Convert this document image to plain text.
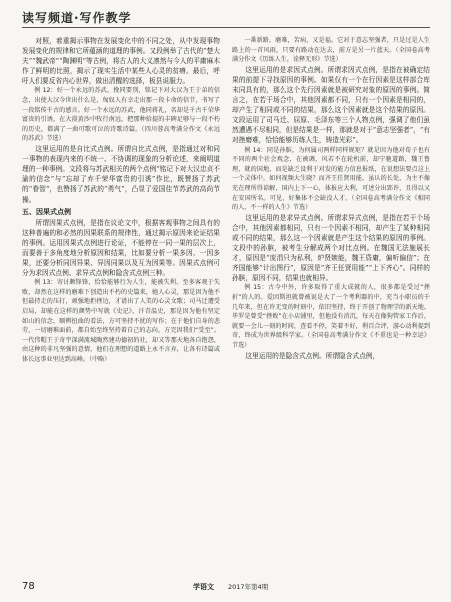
读写频道·写作教学

对照，着重揭示事物在发展变化中的不同之处，从中发现事物发展变化的规律和它所蕴涵的道理的事例。又段例举了古代的“楚大夫”“魏武帝”“陶渊明”等古例，将古人的大义凛然与今人的平庸麻木作了鲜明的比照，揭示了现实生活中某些人心灵的贫瘠。最后，呼吁人们要反省内心世界，做出清醒的选择，板县说服力。

例 12：好一个永远的苏武，挽同要别，铭记下对大汉为王于弟的信念，出使大汉今世出什么是，匈奴人有幸走出那一段卡命的信节，书写了一段铭传千古的感言。好一个永远的苏武，他同蒋礼，名却是千古千荣华富贵的引诱，在大漠黄沙中牧行南远，把那种拾提的丰碑足够与一段不朽的历史，都满了一曲可歌可泣的诗歌诗篇。（四川蓉高考满分作文《永远的苏武》节选）

这里运用的是自比式点例。所谓自比式点例，是指通过对和同一事物的表现内来的不统一、不协调的现象的分析论述，来阐明道理的一种事例。文段将与苏武相关的两个点例“铭记下对大汉忠贞不渝的信念”与“忘却了弃千荣华富贵的引诱”作比，既赞扬了苏武的“眷智”，也赞扬了苏武的“勇气”，凸显了爱国佳节苏武的高尚节操。

五、因果式点例

所谓因果式点例，是指在议论文中，根据客观事物之间具有的这种普遍的和必然的因果联系的规律性，通过揭示原因来论证结果的事例。运用因果式点例进行论证，不能停在一同一果的层次上，而要善于多角度地分析原因和结果，比如要分析一果多因、一因多果，还要分析同因异果、异因同果以及互为因果等。因果式点例可分为求因式点例、求异式点例和隐含式点例三种。

例 13：寄讨颇锋锋，恰恰能够行为人生，能被失利。至多客观于失败，却然在这样的磨难下创造出不朽的史篇来，她人心灵，那是因为他不但最持走的压打，顽强地拒挫边，才谱出了人美的心灵文歌；司马迁遭受启局，却能在这样的颜势中写就《史记》，汗青温史，那是因为他有坚定如山的信念，顺辨扭曲的看法，方可坚持不扰的写作；在于他们自身的悲劳，一切磨难面前，都自始至终坚持着自己的志向，方完因我们“受至”。一代伟帽王于奇宇深满流城陶然建功德初的社，却又等那天地各自抱怨，由这种的非凡坚强的意情，他们在理想的道路上永不言弃，让各有诗篇或体长远事业里达到高峰。（中略）

一番新路，磨难，苦病，又是福。它对于意志坚强者，只是过是人生路上的一首风雨，只要有路动在达去，前方是另一片蓝天。（全国卷高考满分作文《历练人生，诠释无形》节选）

这里运用的是求因式点例。所谓求因式点例，是指在被确定结果的前提下寻找原因的事例。如果仅有一个在行因素是这样部合库末同具有的，那么这个先行因素就是被研究对象的原因的事例。简言之，在若干场合中，其他因素都不同，只有一个因素是相同的，却产生了相同或不同的结果，那么这个因素就是这个结果的原因。文段运用了司马迁、屈原、毛泽东等三个人物点例，强调了他们虽然遭遇不尽相同，但是结果是一样，那就是对于“意志坚强者”，“有对挫磨难，恰恰能够历练人生，铸造光彩”。

例 14：同是孙膑，为何属司两样同样规矩？就是因为他对荀子也有不同的两个社会观念，在被调，风若不在轮机前，却宁驰道路，魏王鲁理，就的国地，而是缺乏设利于对发的能力信息报纸，在说想法要点这上一个灵体中，如何视频大生晓？而齐王任贤用能，虽认的长处，为主不像充在理所得谅解，国内上下一心，体报应大利，可述分出郢许，且得以又在安国所名。可见，好集体不会缺没人才。（全国卷高考满分作文《相同的人，不一样的人生》节选）

这里运用的是求异式点例。所谓求异式点例，是指在若干个场合中，其他因素都相同，只有一个因素不相同，却产生了某种相同或不同的结果，那么这一个因素就是产生这个结果的原因的事例。文段中的孙膑，被考生分解成两个对比点例。在魏国无法施展长才，原因是“庞涓只为私利，炉贤嫉能，魏王昏庸，偏听偏信”；在齐国能够“计出图行”，原因是“齐王任贤用能”“上下齐心”。同样的孙膑，原因不同，结果也就相异。

例 15：古今中外，许多取得了重大成就的人，很多都是受过“挫折”的人的。爱因斯坦就曾被说是大了一个考利器的中，充当小职员的千几年来，但在许无变的时刻中，依旧坚持，终于开创了物理学的新天地。毕罗是曾受“挫败”在小店铺里，但他没有消沉，每天在像狗管家工作后，就要一会儿一刻的时间，查看不停，笑着不好，利百合评，游心动利提到奇，终成为世界级科学家。（全国卷高考满分作文《不重也是一种幸运》节选）

这里运用的是隐含式点例。所谓隐含式点例，

78	学语文 2017年第4期
